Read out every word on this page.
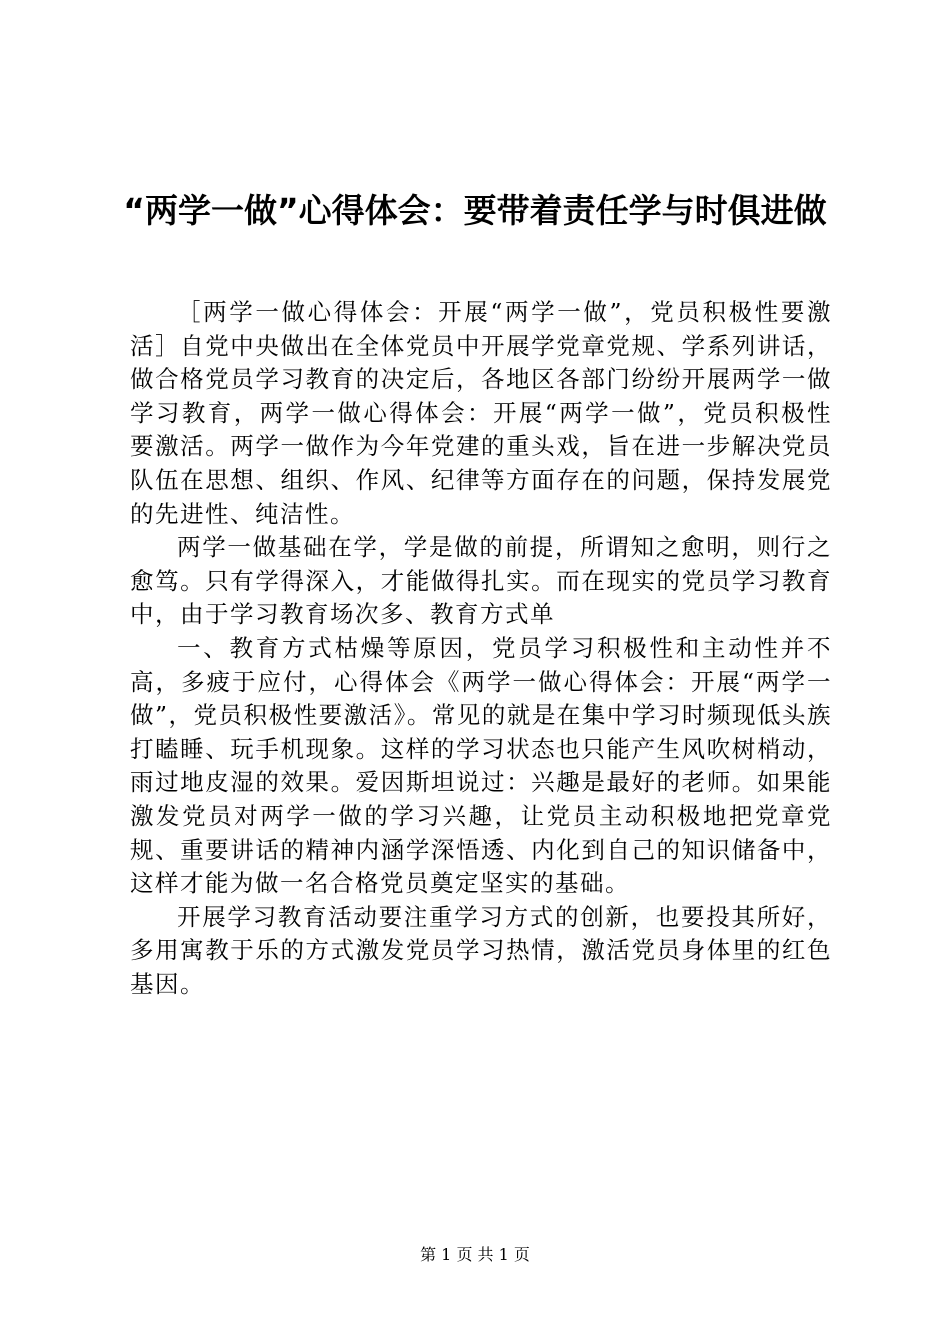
“两学一做”心得体会：要带着责任学与时俱进做

［两学一做心得体会：开展“两学一做”，党员积极性要激活］自党中央做出在全体党员中开展学党章党规、学系列讲话，做合格党员学习教育的决定后，各地区各部门纷纷开展两学一做学习教育，两学一做心得体会：开展“两学一做”，党员积极性要激活。两学一做作为今年党建的重头戏，旨在进一步解决党员队伍在思想、组织、作风、纪律等方面存在的问题，保持发展党的先进性、纯洁性。

两学一做基础在学，学是做的前提，所谓知之愈明，则行之愈笃。只有学得深入，才能做得扎实。而在现实的党员学习教育中，由于学习教育场次多、教育方式单

一、教育方式枯燥等原因，党员学习积极性和主动性并不高，多疲于应付，心得体会《两学一做心得体会：开展“两学一做”，党员积极性要激活》。常见的就是在集中学习时频现低头族打瞌睡、玩手机现象。这样的学习状态也只能产生风吹树梢动，雨过地皮湿的效果。爱因斯坦说过：兴趣是最好的老师。如果能激发党员对两学一做的学习兴趣，让党员主动积极地把党章党规、重要讲话的精神内涵学深悟透、内化到自己的知识储备中，这样才能为做一名合格党员奠定坚实的基础。

开展学习教育活动要注重学习方式的创新，也要投其所好，多用寓教于乐的方式激发党员学习热情，激活党员身体里的红色基因。

第 1 页 共 1 页
